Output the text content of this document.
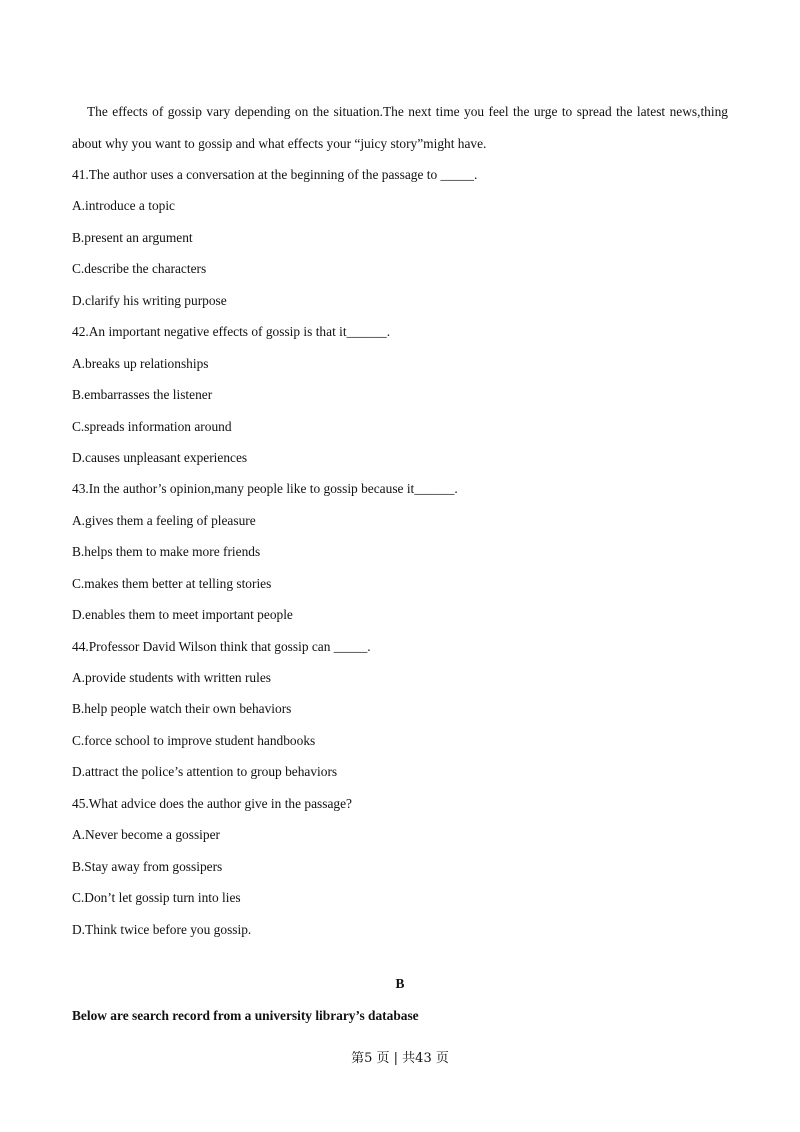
The effects of gossip vary depending on the situation.The next time you feel the urge to spread the latest news,thing about why you want to gossip and what effects your “juicy story”might have.

41.The author uses a conversation at the beginning of the passage to _____.
A.introduce a topic
B.present an argument
C.describe the characters
D.clarify his writing purpose
42.An important negative effects of gossip is that it______.
A.breaks up relationships
B.embarrasses the listener
C.spreads information around
D.causes unpleasant experiences
43.In the author’s opinion,many people like to gossip because it______.
A.gives them a feeling of pleasure
B.helps them to make more friends
C.makes them better at telling stories
D.enables them to meet important people
44.Professor David Wilson think that gossip can _____.
A.provide students with written rules
B.help people watch their own behaviors
C.force school to improve student handbooks
D.attract the police’s attention to group behaviors
45.What advice does the author give in the passage?
A.Never become a gossiper
B.Stay away from gossipers
C.Don’t let gossip turn into lies
D.Think twice before you gossip.
B
Below are search record from a university library’s database
第5 页 | 共43 页
